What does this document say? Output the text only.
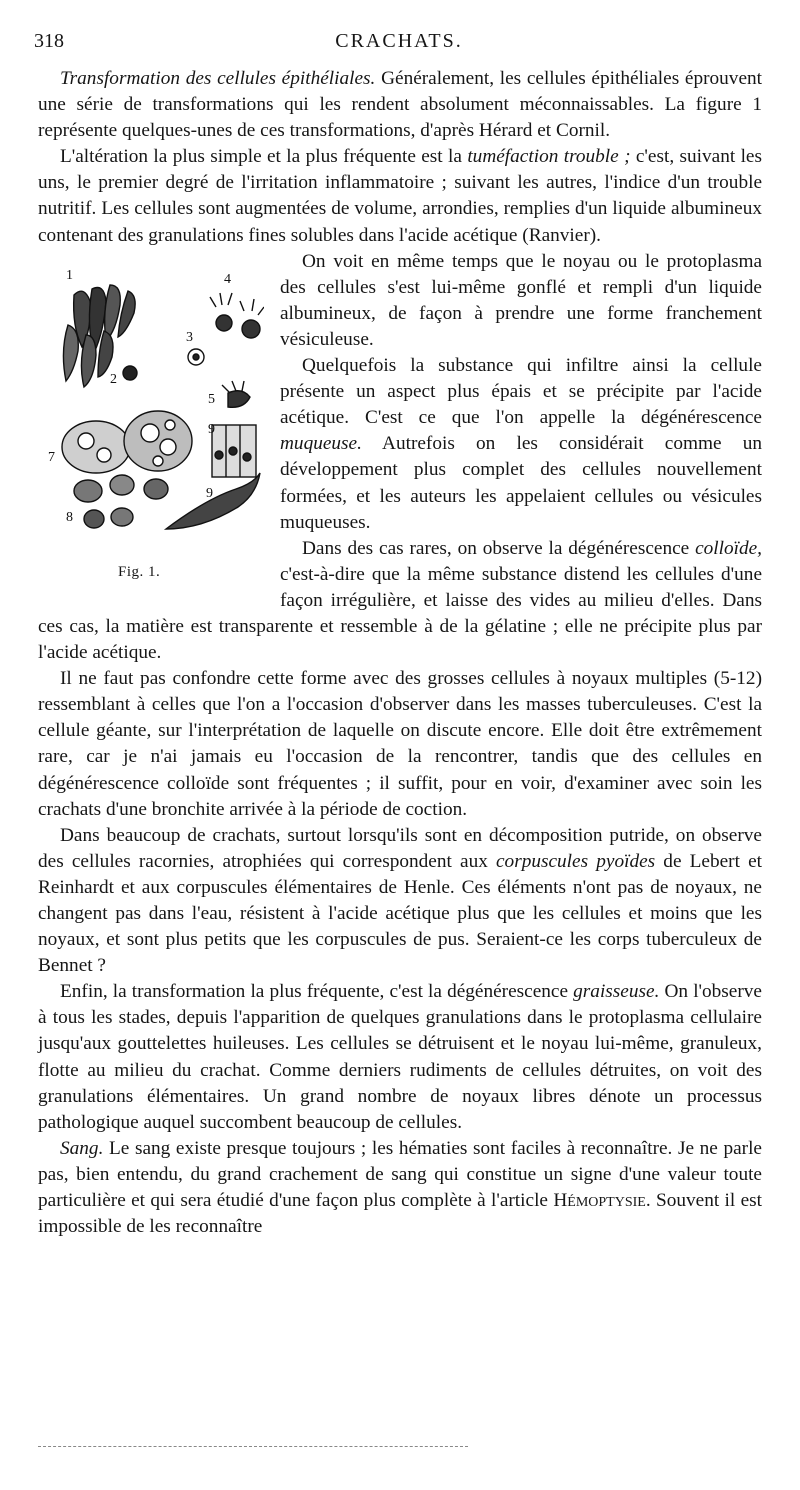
318	CRACHATS.

Transformation des cellules épithéliales. Généralement, les cellules épithéliales éprouvent une série de transformations qui les rendent absolument méconnaissables. La figure 1 représente quelques-unes de ces transformations, d'après Hérard et Cornil.

L'altération la plus simple et la plus fréquente est la tuméfaction trouble ; c'est, suivant les uns, le premier degré de l'irritation inflammatoire ; suivant les autres, l'indice d'un trouble nutritif. Les cellules sont augmentées de volume, arrondies, remplies d'un liquide albumineux contenant des granulations fines solubles dans l'acide acétique (Ranvier).

1	4
2
3
5
9
7
8
9
Fig. 1.

On voit en même temps que le noyau ou le protoplasma des cellules s'est lui-même gonflé et rempli d'un liquide albumineux, de façon à prendre une forme franchement vésiculeuse.

Quelquefois la substance qui infiltre ainsi la cellule présente un aspect plus épais et se précipite par l'acide acétique. C'est ce que l'on appelle la dégénérescence muqueuse. Autrefois on les considérait comme un développement plus complet des cellules nouvellement formées, et les auteurs les appelaient cellules ou vésicules muqueuses.

Dans des cas rares, on observe la dégénérescence colloïde, c'est-à-dire que la même substance distend les cellules d'une façon irrégulière, et laisse des vides au milieu d'elles. Dans ces cas, la matière est transparente et ressemble à de la gélatine ; elle ne précipite plus par l'acide acétique.

Il ne faut pas confondre cette forme avec des grosses cellules à noyaux multiples (5-12) ressemblant à celles que l'on a l'occasion d'observer dans les masses tuberculeuses. C'est la cellule géante, sur l'interprétation de laquelle on discute encore. Elle doit être extrêmement rare, car je n'ai jamais eu l'occasion de la rencontrer, tandis que des cellules en dégénérescence colloïde sont fréquentes ; il suffit, pour en voir, d'examiner avec soin les crachats d'une bronchite arrivée à la période de coction.

Dans beaucoup de crachats, surtout lorsqu'ils sont en décomposition putride, on observe des cellules racornies, atrophiées qui correspondent aux corpuscules pyoïdes de Lebert et Reinhardt et aux corpuscules élémentaires de Henle. Ces éléments n'ont pas de noyaux, ne changent pas dans l'eau, résistent à l'acide acétique plus que les cellules et moins que les noyaux, et sont plus petits que les corpuscules de pus. Seraient-ce les corps tuberculeux de Bennet ?

Enfin, la transformation la plus fréquente, c'est la dégénérescence graisseuse. On l'observe à tous les stades, depuis l'apparition de quelques granulations dans le protoplasma cellulaire jusqu'aux gouttelettes huileuses. Les cellules se détruisent et le noyau lui-même, granuleux, flotte au milieu du crachat. Comme derniers rudiments de cellules détruites, on voit des granulations élémentaires. Un grand nombre de noyaux libres dénote un processus pathologique auquel succombent beaucoup de cellules.

Sang. Le sang existe presque toujours ; les hématies sont faciles à reconnaître. Je ne parle pas, bien entendu, du grand crachement de sang qui constitue un signe d'une valeur toute particulière et qui sera étudié d'une façon plus complète à l'article Hémoptysie. Souvent il est impossible de les reconnaître
